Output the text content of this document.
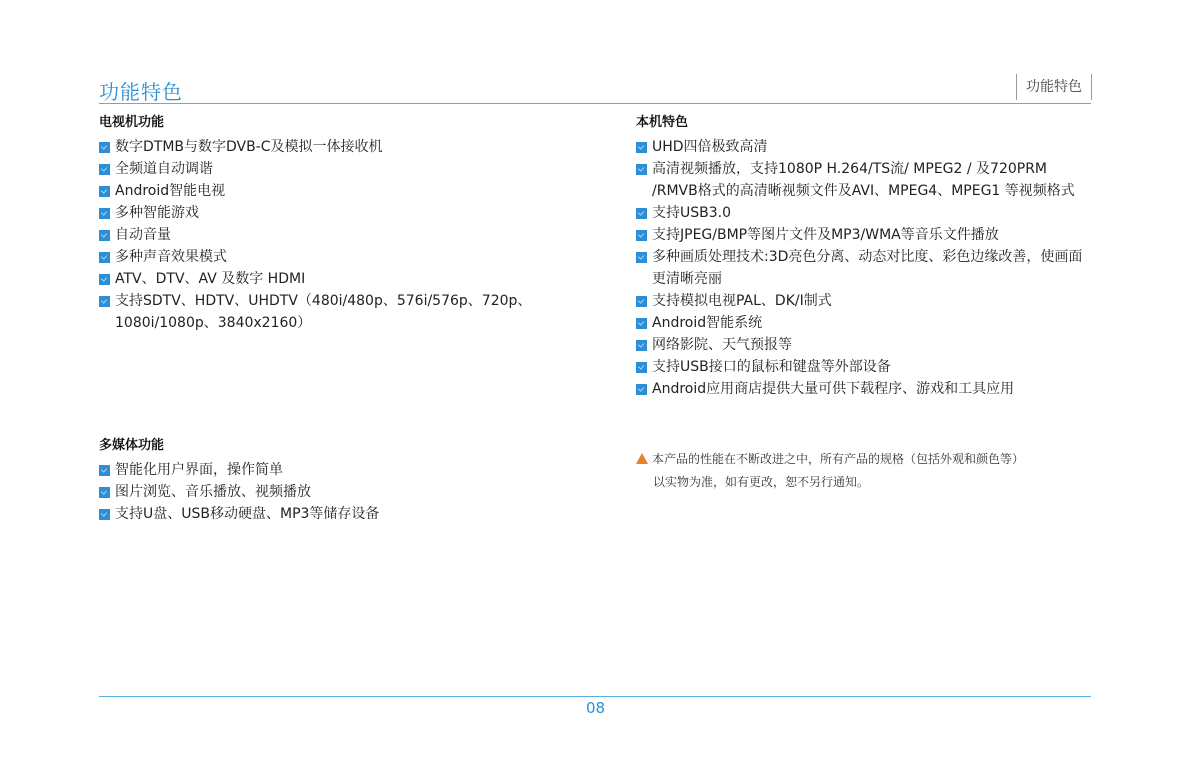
功能特色	功能特色
电视机功能
数字DTMB与数字DVB-C及模拟一体接收机
全频道自动调谐
Android智能电视
多种智能游戏
自动音量
多种声音效果模式
ATV、DTV、AV 及数字 HDMI
支持SDTV、HDTV、UHDTV（480i/480p、576i/576p、720p、1080i/1080p、3840x2160）
多媒体功能
智能化用户界面，操作简单
图片浏览、音乐播放、视频播放
支持U盘、USB移动硬盘、MP3等储存设备
本机特色
UHD四倍极致高清
高清视频播放，支持1080P H.264/TS流/ MPEG2 / 及720PRM /RMVB格式的高清晰视频文件及AVI、MPEG4、MPEG1 等视频格式
支持USB3.0
支持JPEG/BMP等图片文件及MP3/WMA等音乐文件播放
多种画质处理技术:3D亮色分离、动态对比度、彩色边缘改善，使画面更清晰亮丽
支持模拟电视PAL、DK/I制式
Android智能系统
网络影院、天气预报等
支持USB接口的鼠标和键盘等外部设备
Android应用商店提供大量可供下载程序、游戏和工具应用
本产品的性能在不断改进之中，所有产品的规格（包括外观和颜色等）
以实物为准，如有更改，恕不另行通知。
08
